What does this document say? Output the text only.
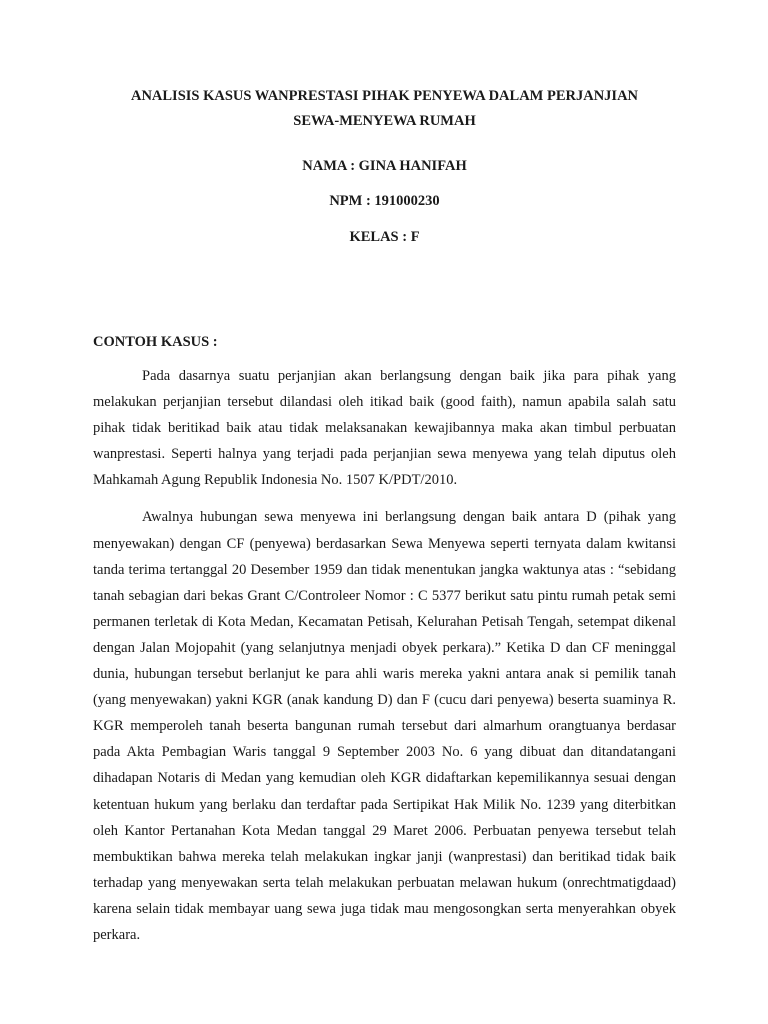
ANALISIS KASUS WANPRESTASI PIHAK PENYEWA DALAM PERJANJIAN

SEWA-MENYEWA RUMAH

NAMA : GINA HANIFAH

NPM : 191000230

KELAS : F

CONTOH KASUS :

Pada dasarnya suatu perjanjian akan berlangsung dengan baik jika para pihak yang melakukan perjanjian tersebut dilandasi oleh itikad baik (good faith), namun apabila salah satu pihak tidak beritikad baik atau tidak melaksanakan kewajibannya maka akan timbul perbuatan wanprestasi. Seperti halnya yang terjadi pada perjanjian sewa menyewa yang telah diputus oleh Mahkamah Agung Republik Indonesia No. 1507 K/PDT/2010.

Awalnya hubungan sewa menyewa ini berlangsung dengan baik antara D (pihak yang menyewakan) dengan CF (penyewa) berdasarkan Sewa Menyewa seperti ternyata dalam kwitansi tanda terima tertanggal 20 Desember 1959 dan tidak menentukan jangka waktunya atas : “sebidang tanah sebagian dari bekas Grant C/Controleer Nomor : C 5377 berikut satu pintu rumah petak semi permanen terletak di Kota Medan, Kecamatan Petisah, Kelurahan Petisah Tengah, setempat dikenal dengan Jalan Mojopahit (yang selanjutnya menjadi obyek perkara).” Ketika D dan CF meninggal dunia, hubungan tersebut berlanjut ke para ahli waris mereka yakni antara anak si pemilik tanah (yang menyewakan) yakni KGR (anak kandung D) dan F (cucu dari penyewa) beserta suaminya R. KGR memperoleh tanah beserta bangunan rumah tersebut dari almarhum orangtuanya berdasar pada Akta Pembagian Waris tanggal 9 September 2003 No. 6 yang dibuat dan ditandatangani dihadapan Notaris di Medan yang kemudian oleh KGR didaftarkan kepemilikannya sesuai dengan ketentuan hukum yang berlaku dan terdaftar pada Sertipikat Hak Milik No. 1239 yang diterbitkan oleh Kantor Pertanahan Kota Medan tanggal 29 Maret 2006. Perbuatan penyewa tersebut telah membuktikan bahwa mereka telah melakukan ingkar janji (wanprestasi) dan beritikad tidak baik terhadap yang menyewakan serta telah melakukan perbuatan melawan hukum (onrechtmatigdaad) karena selain tidak membayar uang sewa juga tidak mau mengosongkan serta menyerahkan obyek perkara.
